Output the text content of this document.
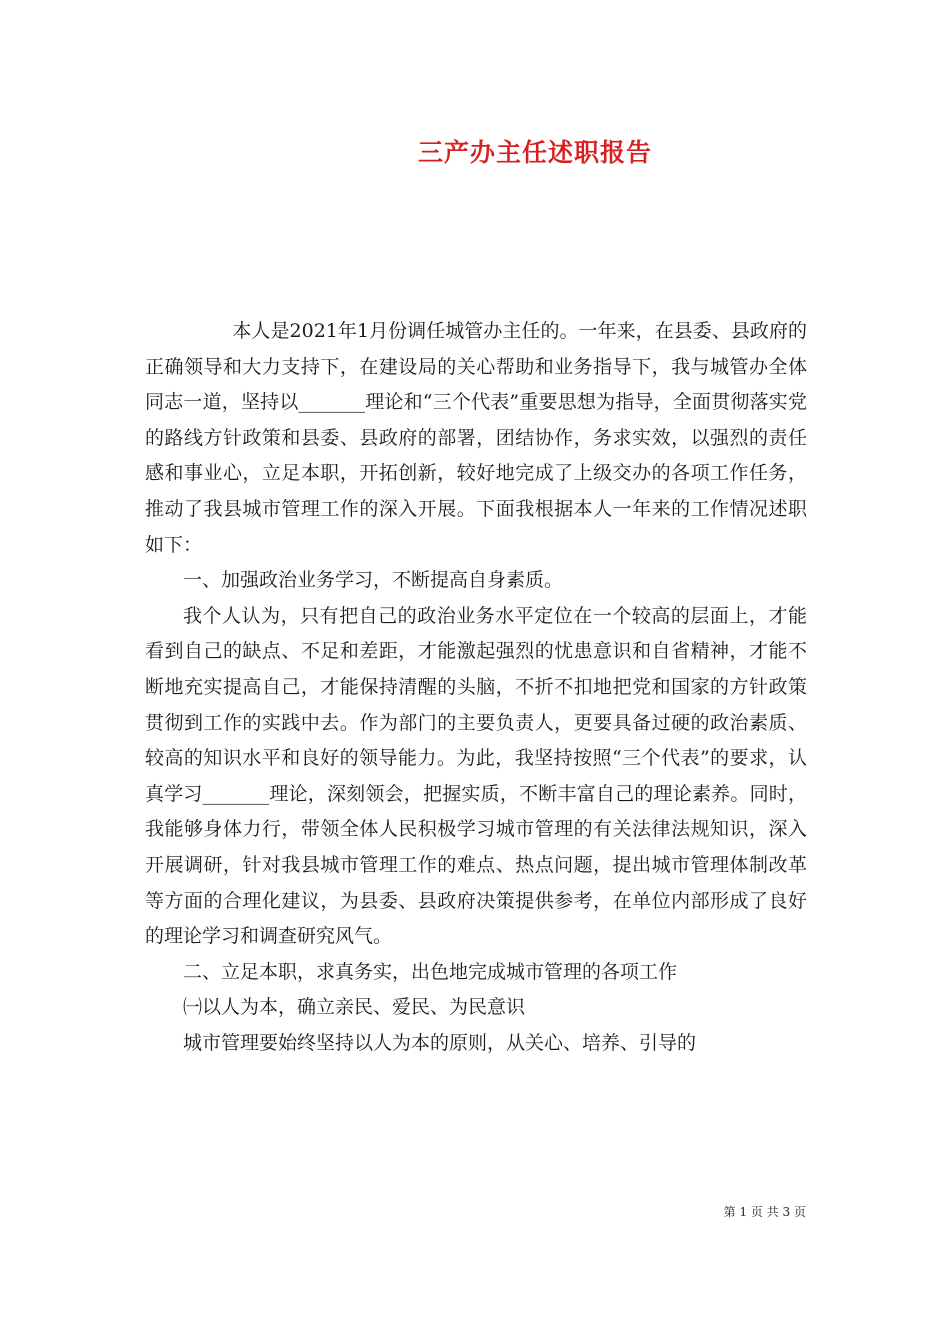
三产办主任述职报告

本人是2021年1月份调任城管办主任的。一年来，在县委、县政府的正确领导和大力支持下，在建设局的关心帮助和业务指导下，我与城管办全体同志一道，坚持以_______理论和“三个代表”重要思想为指导，全面贯彻落实党的路线方针政策和县委、县政府的部署，团结协作，务求实效，以强烈的责任感和事业心，立足本职，开拓创新，较好地完成了上级交办的各项工作任务，推动了我县城市管理工作的深入开展。下面我根据本人一年来的工作情况述职如下：

一、加强政治业务学习，不断提高自身素质。

我个人认为，只有把自己的政治业务水平定位在一个较高的层面上，才能看到自己的缺点、不足和差距，才能激起强烈的忧患意识和自省精神，才能不断地充实提高自己，才能保持清醒的头脑，不折不扣地把党和国家的方针政策贯彻到工作的实践中去。作为部门的主要负责人，更要具备过硬的政治素质、较高的知识水平和良好的领导能力。为此，我坚持按照“三个代表”的要求，认真学习_______理论，深刻领会，把握实质，不断丰富自己的理论素养。同时，我能够身体力行，带领全体人民积极学习城市管理的有关法律法规知识，深入开展调研，针对我县城市管理工作的难点、热点问题，提出城市管理体制改革等方面的合理化建议，为县委、县政府决策提供参考，在单位内部形成了良好的理论学习和调查研究风气。

二、立足本职，求真务实，出色地完成城市管理的各项工作

㈠以人为本，确立亲民、爱民、为民意识

城市管理要始终坚持以人为本的原则，从关心、培养、引导的

第 1 页 共 3 页
